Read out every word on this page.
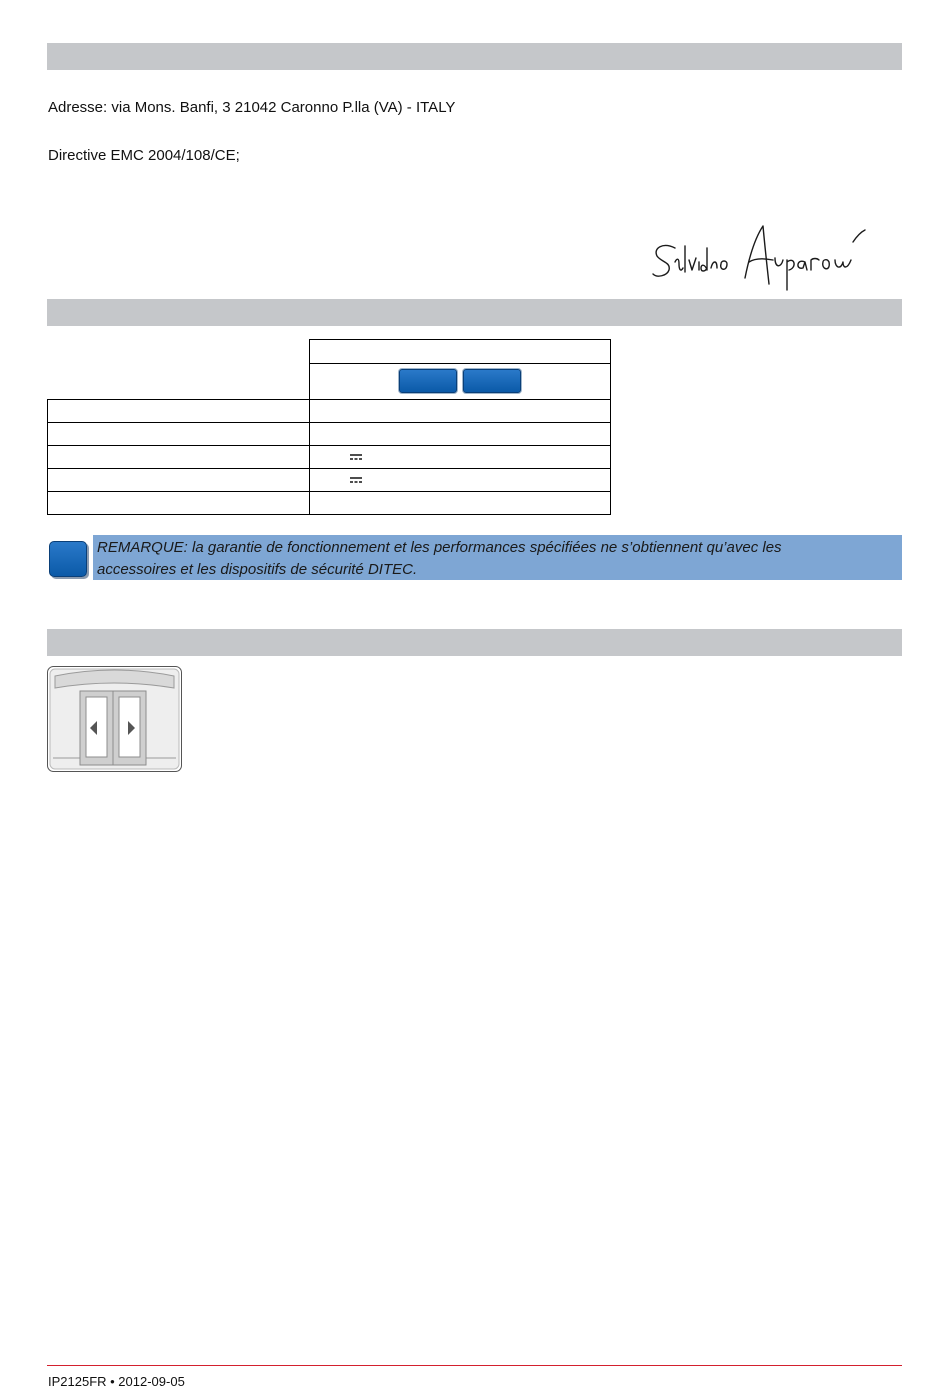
Adresse: via Mons. Banfi, 3 21042 Caronno P.lla (VA) - ITALY
Directive EMC 2004/108/CE;
REMARQUE: la garantie de fonctionnement et les performances spécifiées ne s’obtiennent qu’avec les
accessoires et les dispositifs de sécurité DITEC.
IP2125FR • 2012-09-05
